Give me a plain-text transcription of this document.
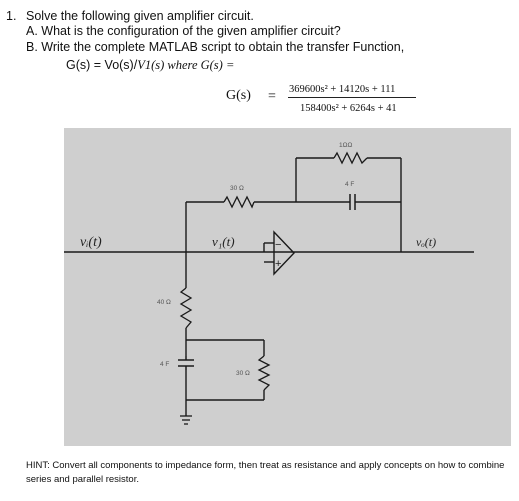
1. Solve the following given amplifier circuit.
A. What is the configuration of the given amplifier circuit?
B. Write the complete MATLAB script to obtain the transfer Function,
G(s) = Vo(s)/V1(s) where G(s) =
G(s) = 369600s² + 14120s + 111
158400s² + 6264s + 41
vᵢ(t)	v₁(t)	vₒ(t)
1ΩΩ
4 F
30 Ω
40 Ω
4 F
30 Ω
−
+
HINT: Convert all components to impedance form, then treat as resistance and apply concepts on how to combine series and parallel resistor.
